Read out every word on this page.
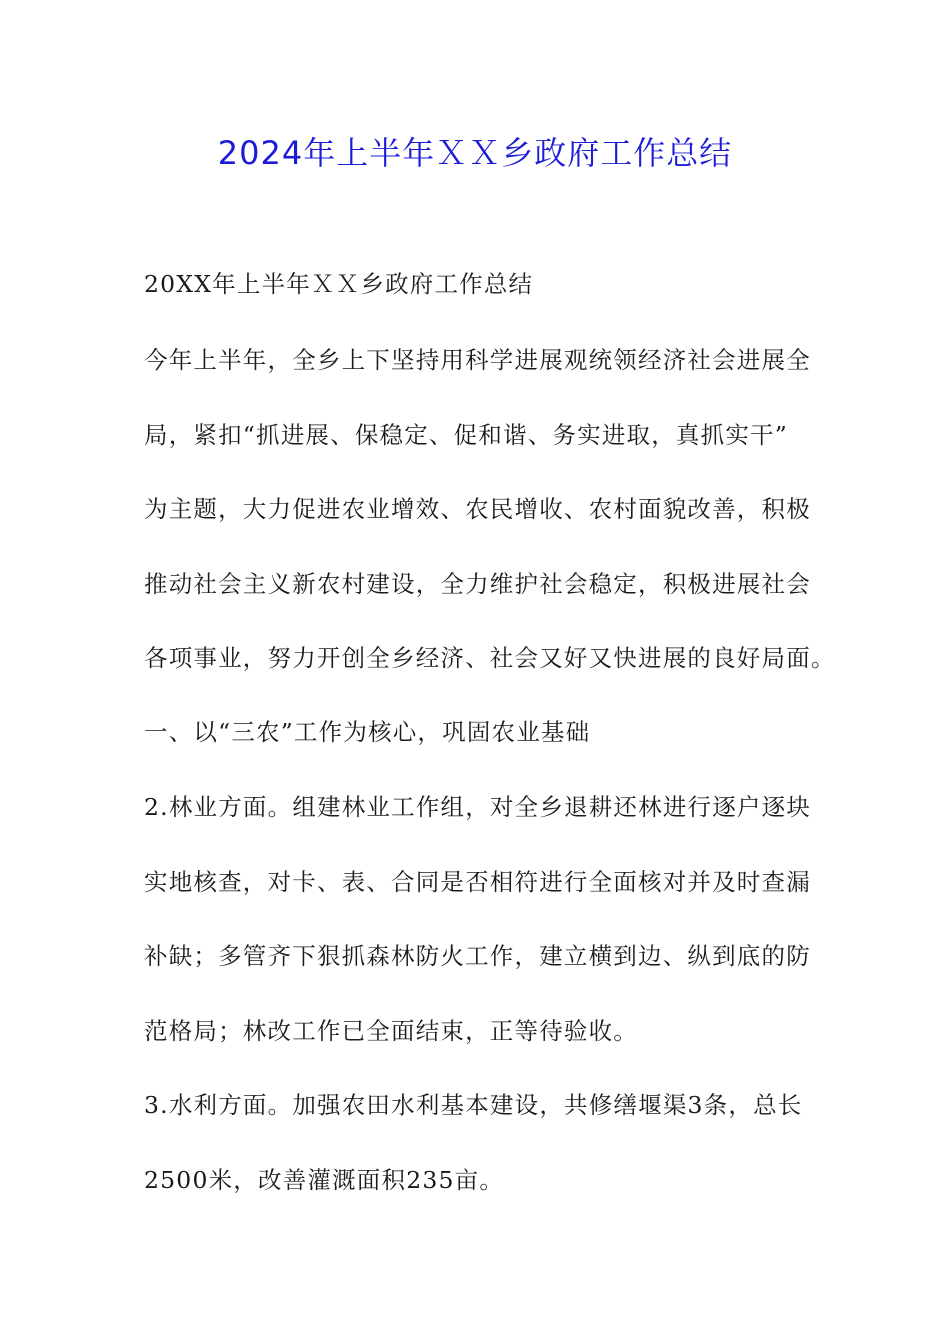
2024年上半年ＸＸ乡政府工作总结
20XX年上半年ＸＸ乡政府工作总结
今年上半年，全乡上下坚持用科学进展观统领经济社会进展全
局，紧扣“抓进展、保稳定、促和谐、务实进取，真抓实干”
为主题，大力促进农业增效、农民增收、农村面貌改善，积极
推动社会主义新农村建设，全力维护社会稳定，积极进展社会
各项事业，努力开创全乡经济、社会又好又快进展的良好局面。
一、以“三农”工作为核心，巩固农业基础
2.林业方面。组建林业工作组，对全乡退耕还林进行逐户逐块
实地核查，对卡、表、合同是否相符进行全面核对并及时查漏
补缺；多管齐下狠抓森林防火工作，建立横到边、纵到底的防
范格局；林改工作已全面结束，正等待验收。
3.水利方面。加强农田水利基本建设，共修缮堰渠3条，总长
2500米，改善灌溉面积235亩。
